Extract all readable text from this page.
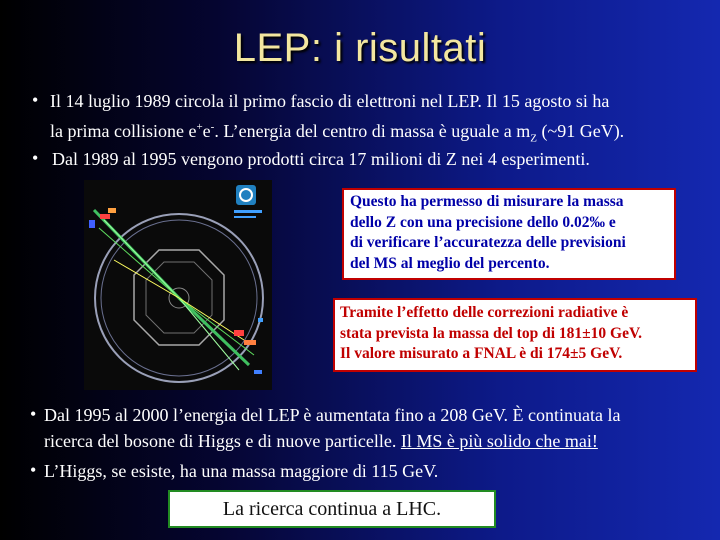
LEP: i risultati
• Il 14 luglio 1989 circola il primo fascio di elettroni nel LEP. Il 15 agosto si ha
la prima collisione e+e-. L’energia del centro di massa è uguale a $m_Z$ (~91 GeV).
• Dal 1989 al 1995 vengono prodotti circa 17 milioni di Z nei 4 esperimenti.
Questo ha permesso di misurare la massa
dello Z con una precisione dello 0.02‰ e
di verificare l’accuratezza delle previsioni
del MS al meglio del percento.
Tramite l’effetto delle correzioni radiative è
stata prevista la massa del top di 181±10 GeV.
Il valore misurato a FNAL è di 174±5 GeV.
• Dal 1995 al 2000 l’energia del LEP è aumentata fino a 208 GeV. È continuata la
ricerca del bosone di Higgs e di nuove particelle. Il MS è più solido che mai!
• L’Higgs, se esiste, ha una massa maggiore di 115 GeV.
La ricerca continua a LHC.
